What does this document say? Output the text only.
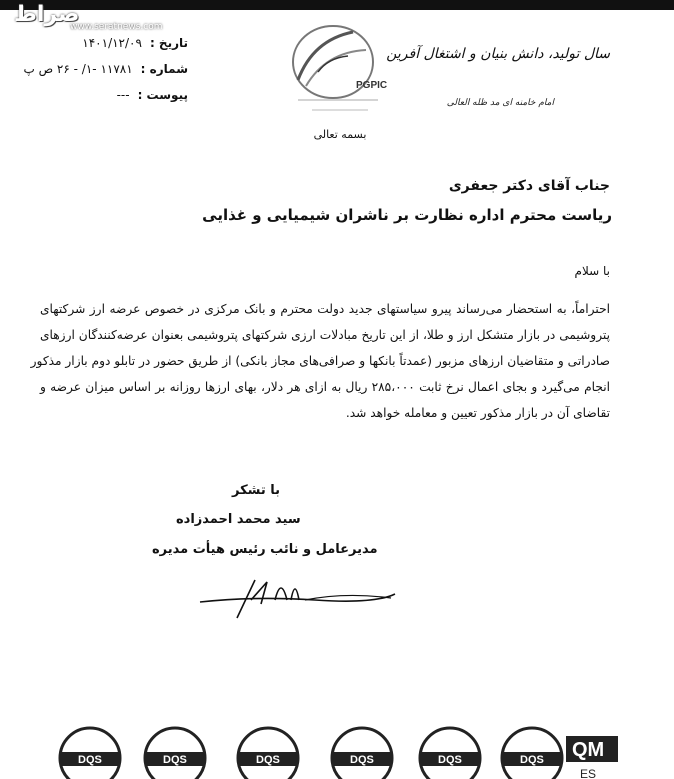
صراط
www.seratnews.com
تاریخ :
۱۴۰۱/۱۲/۰۹
شماره :
۱۱۷۸۱ -۱/ - ۲۶ ص پ
پیوست :
---
PGPIC
بسمه تعالی
سال تولید، دانش بنیان و اشتغال آفرین
امام خامنه ای مد ظله العالی
جناب آقای دکتر جعفری
ریاست محترم اداره نظارت بر ناشران شیمیایی و غذایی
با سلام
احتراماً، به استحضار می‌رساند پیرو سیاستهای جدید دولت محترم و بانک مرکزی در خصوص عرضه ارز شرکتهای
پتروشیمی در بازار متشکل ارز و طلا، از این تاریخ مبادلات ارزی شرکتهای پتروشیمی بعنوان عرضه‌کنندگان ارزهای
صادراتی و متقاضیان ارزهای مزبور (عمدتاً بانکها و صرافی‌های مجاز بانکی) از طریق حضور در تابلو دوم بازار مذکور
انجام می‌گیرد و بجای اعمال نرخ ثابت ۲۸۵،۰۰۰ ریال به ازای هر دلار، بهای ارزها روزانه بر اساس میزان عرضه و
تقاضای آن در بازار مذکور تعیین و معامله خواهد شد.
با تشکر
سید محمد احمدزاده
مدیرعامل و نائب رئیس هیأت مدیره
DQS	DQS	DQS	DQS	DQS	DQS QM
ES
